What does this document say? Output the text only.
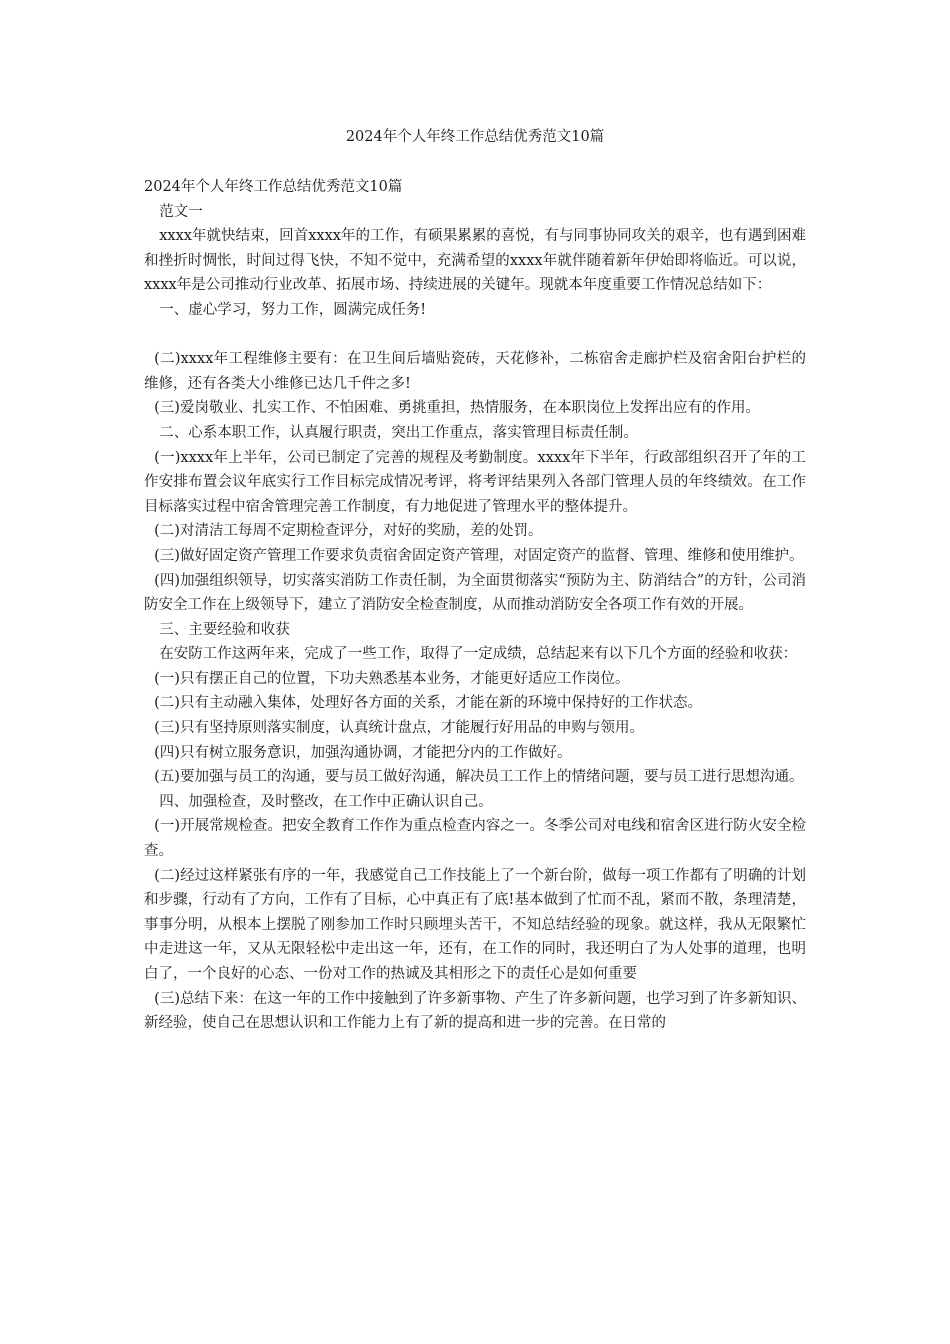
2024年个人年终工作总结优秀范文10篇

2024年个人年终工作总结优秀范文10篇

范文一

xxxx年就快结束，回首xxxx年的工作，有硕果累累的喜悦，有与同事协同攻关的艰辛，也有遇到困难和挫折时惆怅，时间过得飞快，不知不觉中，充满希望的xxxx年就伴随着新年伊始即将临近。可以说，xxxx年是公司推动行业改革、拓展市场、持续进展的关键年。现就本年度重要工作情况总结如下：

一、虚心学习，努力工作，圆满完成任务!

(二)xxxx年工程维修主要有：在卫生间后墙贴瓷砖，天花修补，二栋宿舍走廊护栏及宿舍阳台护栏的维修，还有各类大小维修已达几千件之多!

(三)爱岗敬业、扎实工作、不怕困难、勇挑重担，热情服务，在本职岗位上发挥出应有的作用。

二、心系本职工作，认真履行职责，突出工作重点，落实管理目标责任制。

(一)xxxx年上半年，公司已制定了完善的规程及考勤制度。xxxx年下半年，行政部组织召开了年的工作安排布置会议年底实行工作目标完成情况考评，将考评结果列入各部门管理人员的年终绩效。在工作目标落实过程中宿舍管理完善工作制度，有力地促进了管理水平的整体提升。

(二)对清洁工每周不定期检查评分，对好的奖励，差的处罚。

(三)做好固定资产管理工作要求负责宿舍固定资产管理，对固定资产的监督、管理、维修和使用维护。

(四)加强组织领导，切实落实消防工作责任制，为全面贯彻落实“预防为主、防消结合”的方针，公司消防安全工作在上级领导下，建立了消防安全检查制度，从而推动消防安全各项工作有效的开展。

三、主要经验和收获

在安防工作这两年来，完成了一些工作，取得了一定成绩，总结起来有以下几个方面的经验和收获：

(一)只有摆正自己的位置，下功夫熟悉基本业务，才能更好适应工作岗位。

(二)只有主动融入集体，处理好各方面的关系，才能在新的环境中保持好的工作状态。

(三)只有坚持原则落实制度，认真统计盘点，才能履行好用品的申购与领用。

(四)只有树立服务意识，加强沟通协调，才能把分内的工作做好。

(五)要加强与员工的沟通，要与员工做好沟通，解决员工工作上的情绪问题，要与员工进行思想沟通。

四、加强检查，及时整改，在工作中正确认识自己。

(一)开展常规检查。把安全教育工作作为重点检查内容之一。冬季公司对电线和宿舍区进行防火安全检查。

(二)经过这样紧张有序的一年，我感觉自己工作技能上了一个新台阶，做每一项工作都有了明确的计划和步骤，行动有了方向，工作有了目标，心中真正有了底!基本做到了忙而不乱，紧而不散，条理清楚，事事分明，从根本上摆脱了刚参加工作时只顾埋头苦干，不知总结经验的现象。就这样，我从无限繁忙中走进这一年，又从无限轻松中走出这一年，还有，在工作的同时，我还明白了为人处事的道理，也明白了，一个良好的心态、一份对工作的热诚及其相形之下的责任心是如何重要

(三)总结下来：在这一年的工作中接触到了许多新事物、产生了许多新问题，也学习到了许多新知识、新经验，使自己在思想认识和工作能力上有了新的提高和进一步的完善。在日常的
